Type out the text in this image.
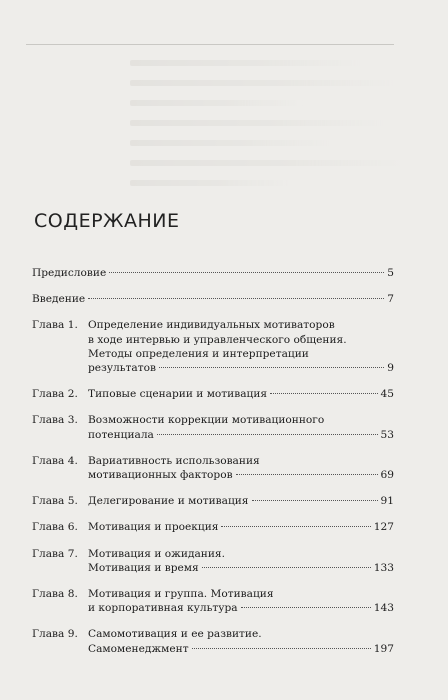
СОДЕРЖАНИЕ
Предисловие	5
Введение	7
Глава 1. Определение индивидуальных мотиваторов
в ходе интервью и управленческого общения.
Методы определения и интерпретации
результатов	9
Глава 2. Типовые сценарии и мотивация	45
Глава 3. Возможности коррекции мотивационного
потенциала	53
Глава 4. Вариативность использования
мотивационных факторов	69
Глава 5. Делегирование и мотивация	91
Глава 6. Мотивация и проекция	127
Глава 7. Мотивация и ожидания.
Мотивация и время	133
Глава 8. Мотивация и группа. Мотивация
и корпоративная культура	143
Глава 9. Самомотивация и ее развитие.
Самоменеджмент	197
